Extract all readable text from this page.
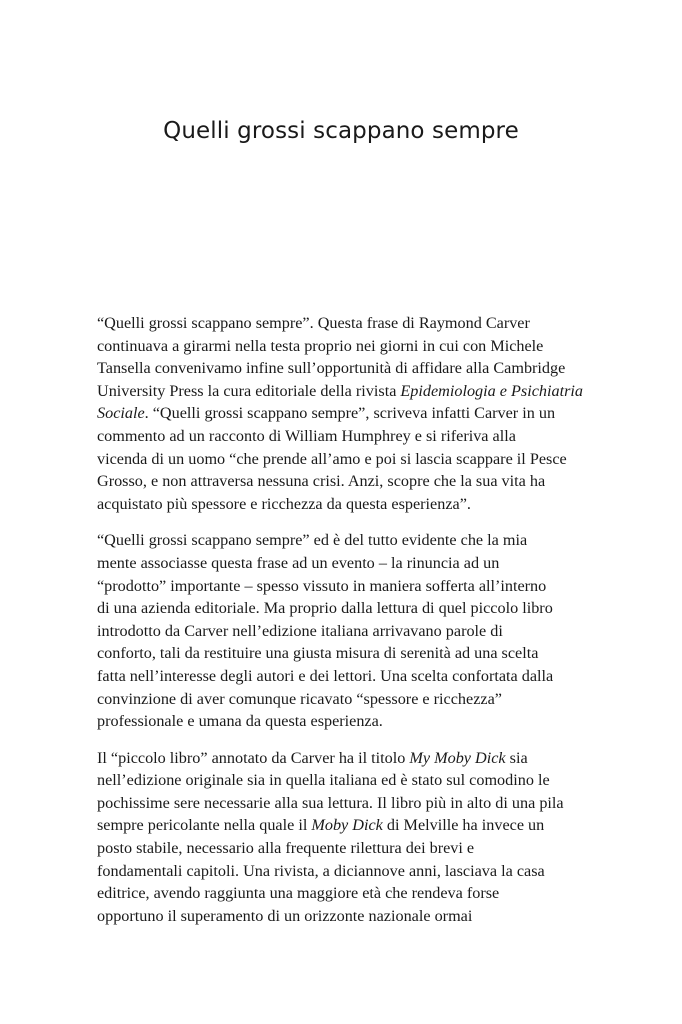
Quelli grossi scappano sempre

“Quelli grossi scappano sempre”. Questa frase di Raymond Carver
continuava a girarmi nella testa proprio nei giorni in cui con Michele
Tansella convenivamo infine sull’opportunità di affidare alla Cambridge
University Press la cura editoriale della rivista Epidemiologia e Psichiatria
Sociale. “Quelli grossi scappano sempre”, scriveva infatti Carver in un
commento ad un racconto di William Humphrey e si riferiva alla
vicenda di un uomo “che prende all’amo e poi si lascia scappare il Pesce
Grosso, e non attraversa nessuna crisi. Anzi, scopre che la sua vita ha
acquistato più spessore e ricchezza da questa esperienza”.

“Quelli grossi scappano sempre” ed è del tutto evidente che la mia
mente associasse questa frase ad un evento – la rinuncia ad un
“prodotto” importante – spesso vissuto in maniera sofferta all’interno
di una azienda editoriale. Ma proprio dalla lettura di quel piccolo libro
introdotto da Carver nell’edizione italiana arrivavano parole di
conforto, tali da restituire una giusta misura di serenità ad una scelta
fatta nell’interesse degli autori e dei lettori. Una scelta confortata dalla
convinzione di aver comunque ricavato “spessore e ricchezza”
professionale e umana da questa esperienza.

Il “piccolo libro” annotato da Carver ha il titolo My Moby Dick sia
nell’edizione originale sia in quella italiana ed è stato sul comodino le
pochissime sere necessarie alla sua lettura. Il libro più in alto di una pila
sempre pericolante nella quale il Moby Dick di Melville ha invece un
posto stabile, necessario alla frequente rilettura dei brevi e
fondamentali capitoli. Una rivista, a diciannove anni, lasciava la casa
editrice, avendo raggiunta una maggiore età che rendeva forse
opportuno il superamento di un orizzonte nazionale ormai
